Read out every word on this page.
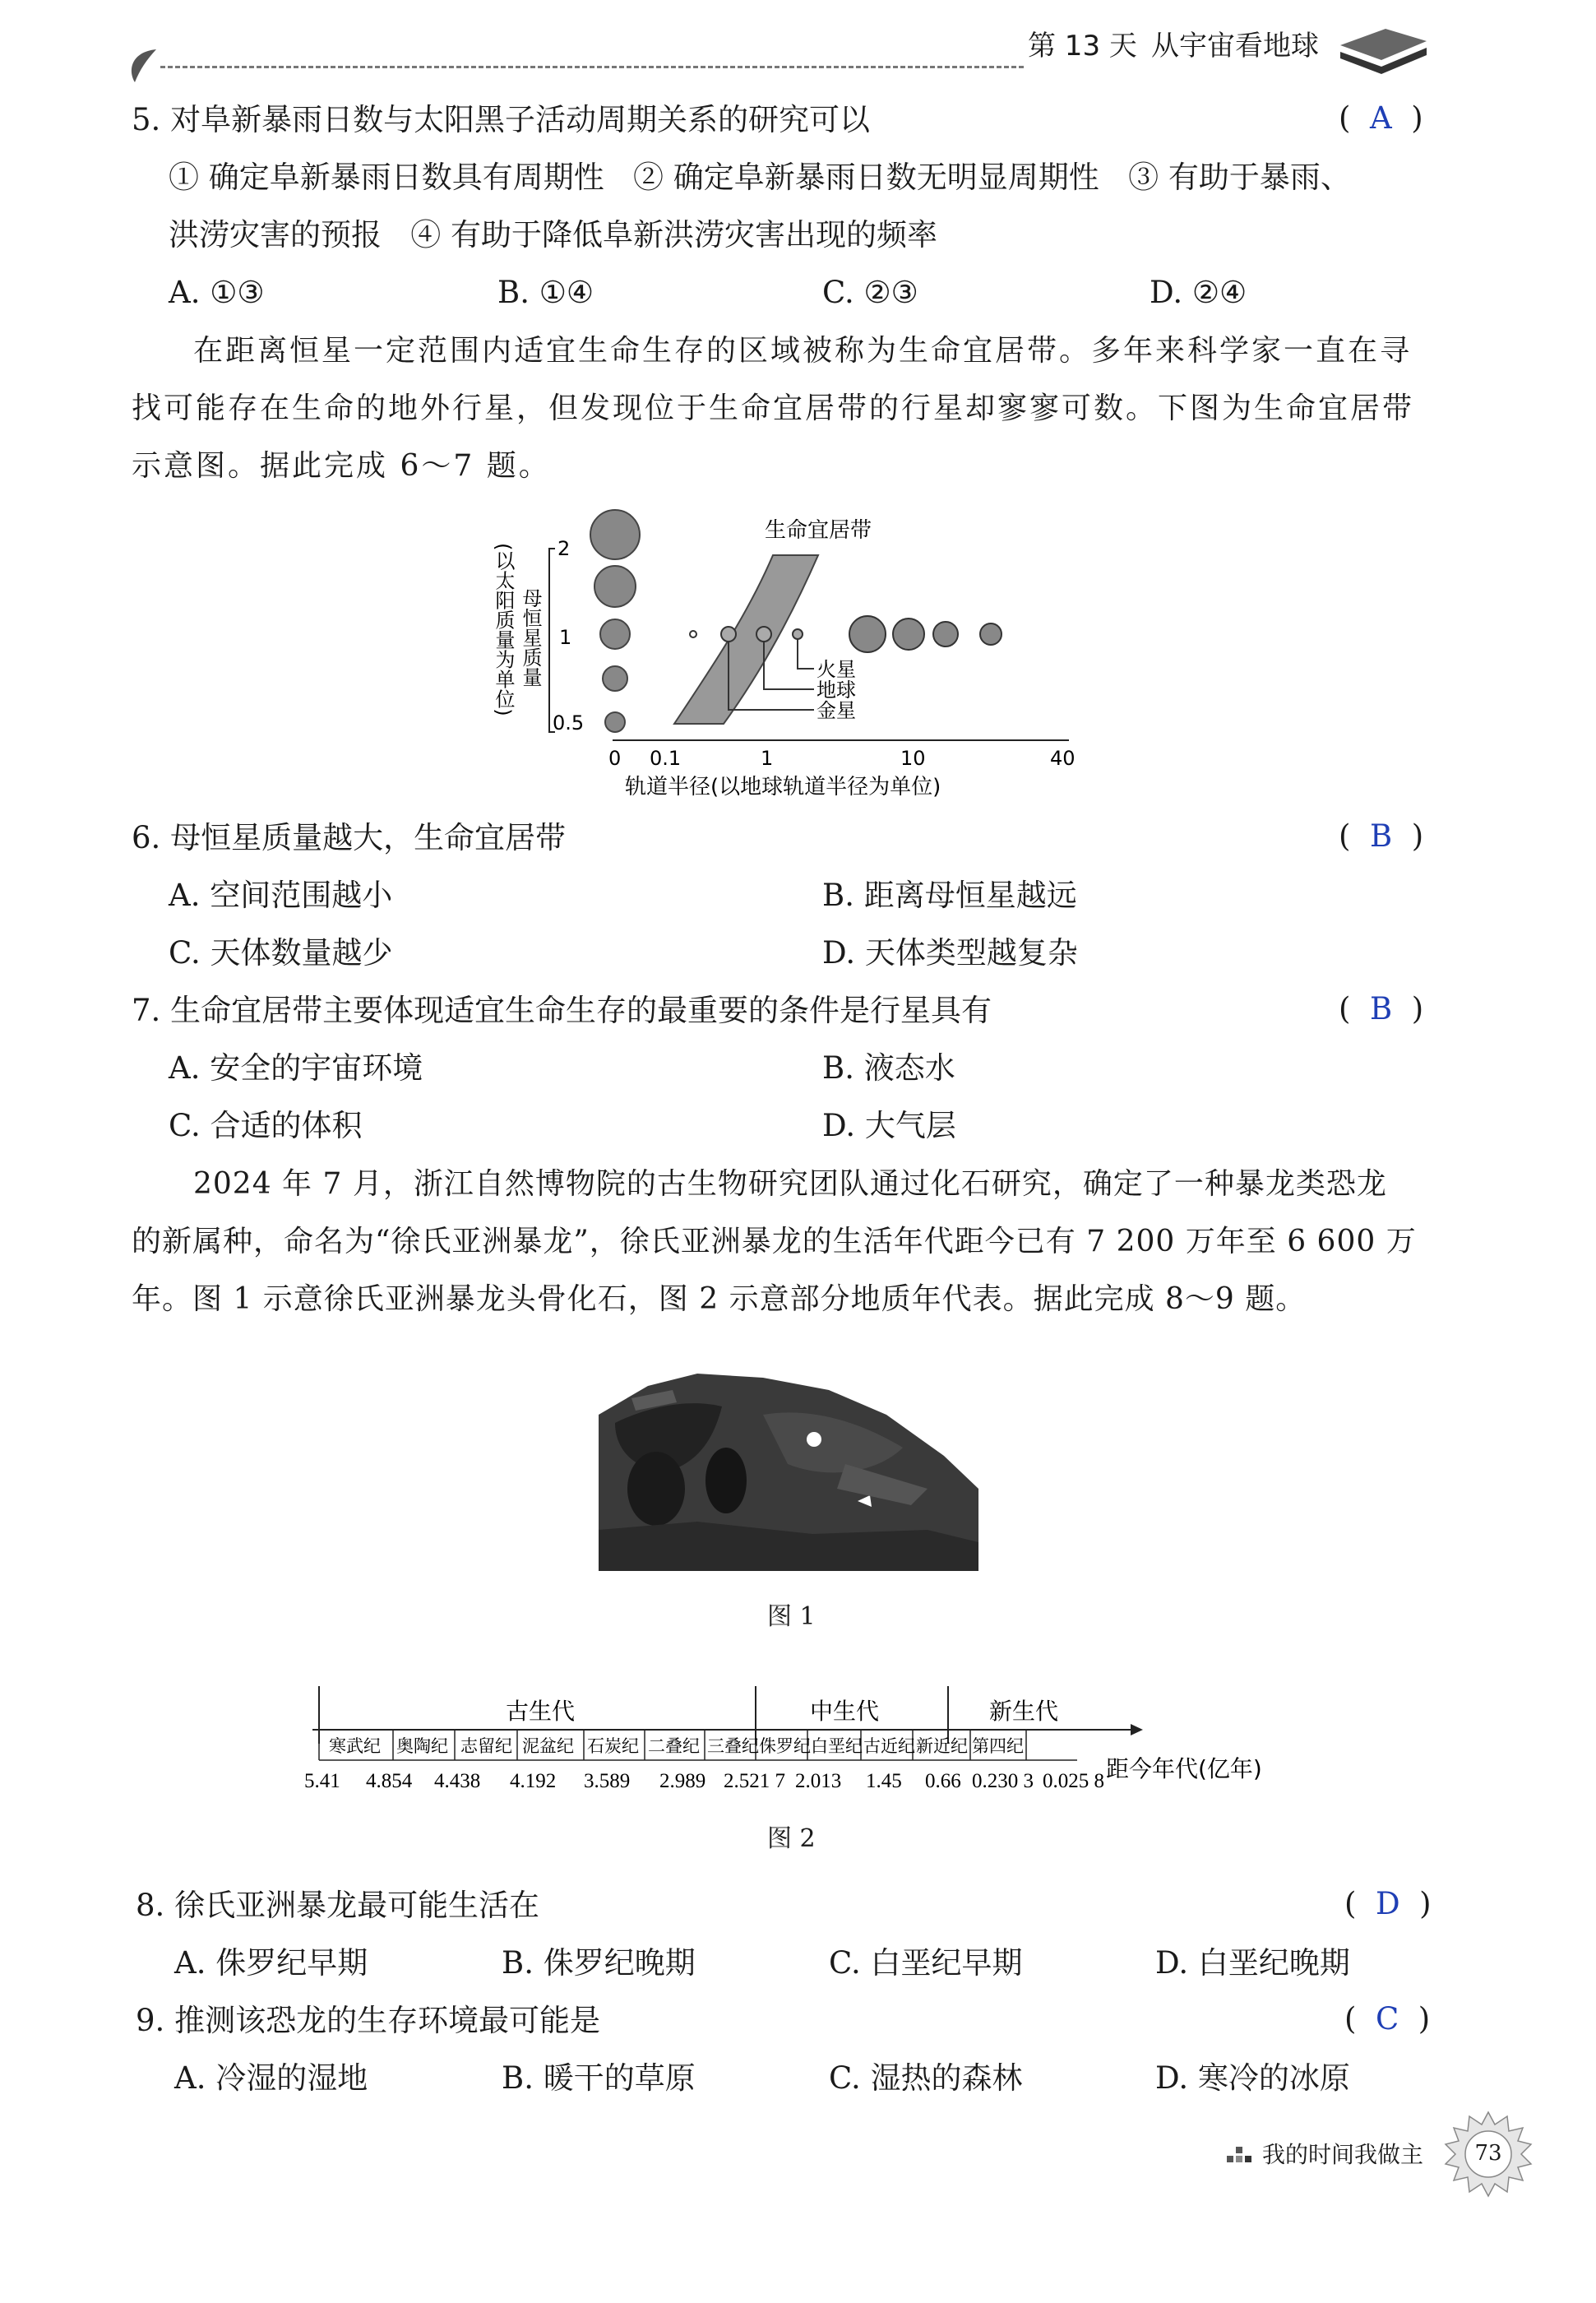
第 13 天 从宇宙看地球
5. 对阜新暴雨日数与太阳黑子活动周期关系的研究可以	(  A  )
① 确定阜新暴雨日数具有周期性   ② 确定阜新暴雨日数无明显周期性   ③ 有助于暴雨、
洪涝灾害的预报   ④ 有助于降低阜新洪涝灾害出现的频率
A. ①③	B. ①④	C. ②③	D. ②④
在距离恒星一定范围内适宜生命生存的区域被称为生命宜居带。多年来科学家一直在寻
找可能存在生命的地外行星，但发现位于生命宜居带的行星却寥寥可数。下图为生命宜居带
示意图。据此完成 6～7 题。
(以太阳质量为单位) 母恒星质量
2
1
0.5
0 0.1	1	10	40
轨道半径(以地球轨道半径为单位)
生命宜居带
火星
地球
金星
6. 母恒星质量越大，生命宜居带	(  B  )
A. 空间范围越小	B. 距离母恒星越远
C. 天体数量越少	D. 天体类型越复杂
7. 生命宜居带主要体现适宜生命生存的最重要的条件是行星具有	(  B  )
A. 安全的宇宙环境	B. 液态水
C. 合适的体积	D. 大气层
2024 年 7 月，浙江自然博物院的古生物研究团队通过化石研究，确定了一种暴龙类恐龙
的新属种，命名为“徐氏亚洲暴龙”，徐氏亚洲暴龙的生活年代距今已有 7 200 万年至 6 600 万
年。图 1 示意徐氏亚洲暴龙头骨化石，图 2 示意部分地质年代表。据此完成 8～9 题。
图 1
古生代	中生代	新生代
寒武纪 奥陶纪 志留纪 泥盆纪 石炭纪 二叠纪 三叠纪 侏罗纪 白垩纪 古近纪 新近纪 第四纪
5.41 4.854 4.438 4.192 3.589 2.989 2.521 7 2.013 1.45 0.66 0.230 3 0.025 8 距今年代(亿年)
图 2
8. 徐氏亚洲暴龙最可能生活在	(  D  )
A. 侏罗纪早期	B. 侏罗纪晚期	C. 白垩纪早期	D. 白垩纪晚期
9. 推测该恐龙的生存环境最可能是	(  C  )
A. 冷湿的湿地	B. 暖干的草原	C. 湿热的森林	D. 寒冷的冰原
我的时间我做主 73
